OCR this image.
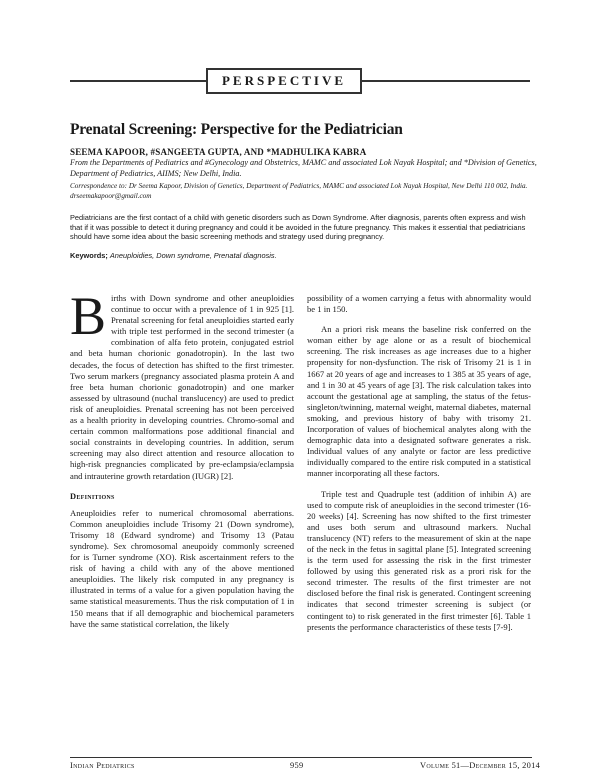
PERSPECTIVE
Prenatal Screening: Perspective for the Pediatrician
SEEMA KAPOOR, #SANGEETA GUPTA, AND *MADHULIKA KABRA
From the Departments of Pediatrics and #Gynecology and Obstetrics, MAMC and associated Lok Nayak Hospital; and *Division of Genetics, Department of Pediatrics, AIIMS; New Delhi, India.
Correspondence to: Dr Seema Kapoor, Division of Genetics, Department of Pediatrics, MAMC and associated Lok Nayak Hospital, New Delhi 110 002, India. drseemakapoor@gmail.com
Pediatricians are the first contact of a child with genetic disorders such as Down Syndrome. After diagnosis, parents often express and wish that if it was possible to detect it during pregnancy and could it be avoided in the future pregnancy. This makes it essential that pediatricians should have some idea about the basic screening methods and strategy used during pregnancy.
Keywords; Aneuploidies, Down syndrome, Prenatal diagnosis.

Births with Down syndrome and other aneuploidies continue to occur with a prevalence of 1 in 925 [1]. Prenatal screening for fetal aneuploidies started early with triple test performed in the second trimester (a combination of alfa feto protein, conjugated estriol and beta human chorionic gonadotropin). In the last two decades, the focus of detection has shifted to the first trimester. Two serum markers (pregnancy associated plasma protein A and free beta human chorionic gonadotropin) and one marker assessed by ultrasound (nuchal translucency) are used to predict risk of aneuploidies. Prenatal screening has not been perceived as a health priority in developing countries. Chromo-somal and certain common malformations pose additional financial and social constraints in developing countries. In addition, serum screening may also direct attention and resource allocation to high-risk pregnancies complicated by pre-eclampsia/eclampsia and intrauterine growth retardation (IUGR) [2].

Definitions

Aneuploidies refer to numerical chromosomal aberrations. Common aneuploidies include Trisomy 21 (Down syndrome), Trisomy 18 (Edward syndrome) and Trisomy 13 (Patau syndrome). Sex chromosomal aneupoidy commonly screened for is Turner syndrome (XO). Risk ascertainment refers to the risk of having a child with any of the above mentioned aneuploidies. The likely risk computed in any pregnancy is illustrated in terms of a value for a given population having the same statistical measurements. Thus the risk computation of 1 in 150 means that if all demographic and biochemical parameters have the same statistical correlation, the likely

possibility of a women carrying a fetus with abnormality would be 1 in 150.

An a priori risk means the baseline risk conferred on the woman either by age alone or as a result of biochemical screening. The risk increases as age increases due to a higher propensity for non-dysfunction. The risk of Trisomy 21 is 1 in 1667 at 20 years of age and increases to 1 385 at 35 years of age, and 1 in 30 at 45 years of age [3]. The risk calculation takes into account the gestational age at sampling, the status of the fetus-singleton/twinning, maternal weight, maternal diabetes, maternal smoking, and previous history of baby with trisomy 21. Incorporation of values of biochemical analytes along with the demographic data into a designated software generates a risk. Individual values of any analyte or factor are less predictive individually compared to the entire risk computed in a statistical manner incorporating all these factors.

Triple test and Quadruple test (addition of inhibin A) are used to compute risk of aneuploidies in the second trimester (16-20 weeks) [4]. Screening has now shifted to the first trimester and uses both serum and ultrasound markers. Nuchal translucency (NT) refers to the measurement of skin at the nape of the neck in the fetus in sagittal plane [5]. Integrated screening is the term used for assessing the risk in the first trimester followed by using this generated risk as a prori risk for the second trimester. The results of the first trimester are not disclosed before the final risk is generated. Contingent screening indicates that second trimester screening is subject (or contingent to) to risk generated in the first trimester [6]. Table 1 presents the performance characteristics of these tests [7-9].

Indian Pediatrics	959	Volume 51—December 15, 2014
